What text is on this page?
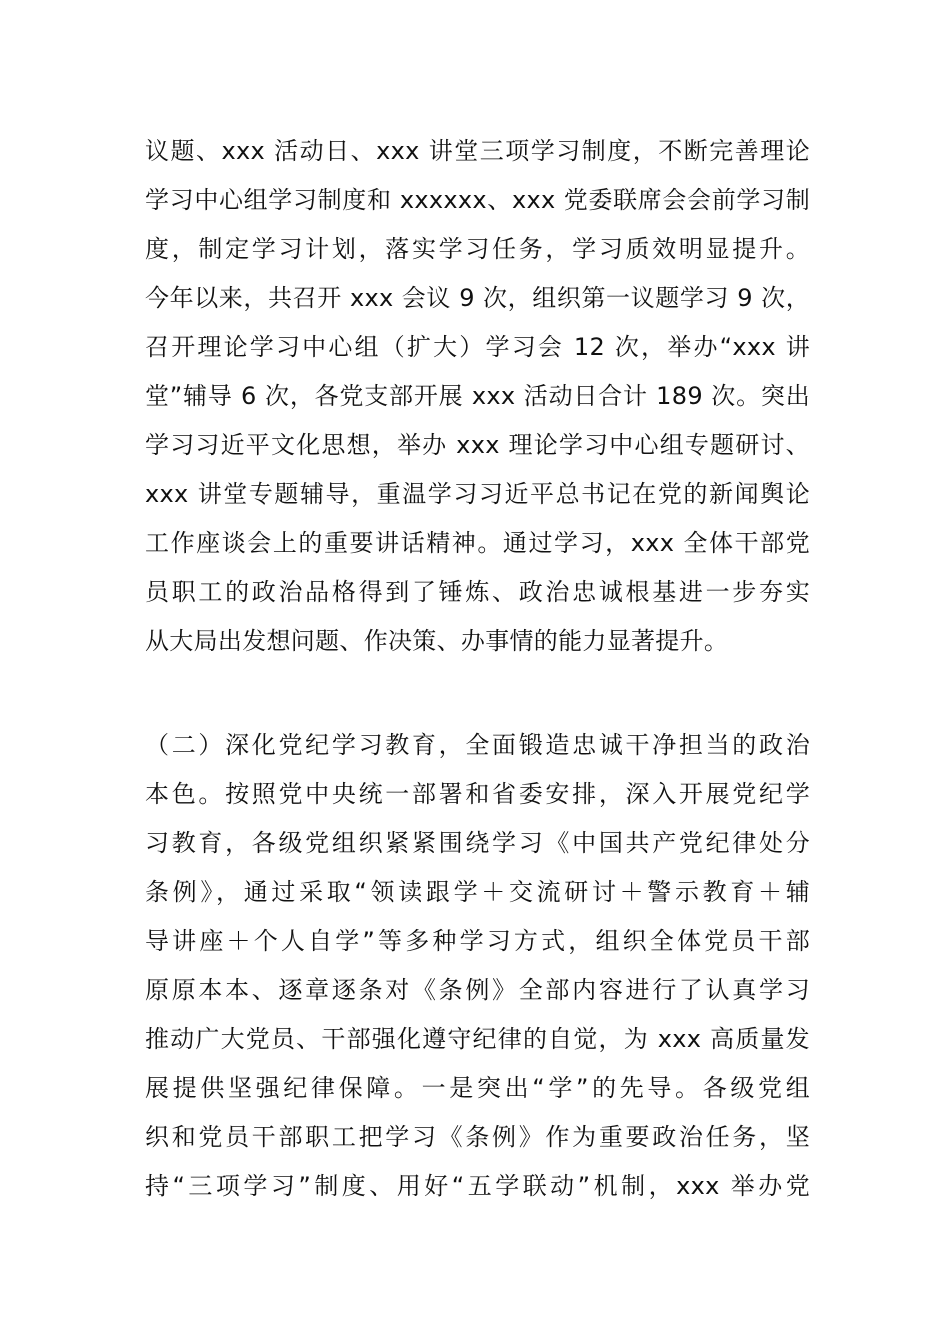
议题、xxx 活动日、xxx 讲堂三项学习制度，不断完善理论
学习中心组学习制度和 xxxxxx、xxx 党委联席会会前学习制
度，制定学习计划，落实学习任务，学习质效明显提升。
今年以来，共召开 xxx 会议 9 次，组织第一议题学习 9 次，
召开理论学习中心组（扩大）学习会 12 次，举办“xxx 讲
堂”辅导 6 次，各党支部开展 xxx 活动日合计 189 次。突出
学习习近平文化思想，举办 xxx 理论学习中心组专题研讨、
xxx 讲堂专题辅导，重温学习习近平总书记在党的新闻舆论
工作座谈会上的重要讲话精神。通过学习，xxx 全体干部党
员职工的政治品格得到了锤炼、政治忠诚根基进一步夯实
从大局出发想问题、作决策、办事情的能力显著提升。
（二）深化党纪学习教育，全面锻造忠诚干净担当的政治
本色。按照党中央统一部署和省委安排，深入开展党纪学
习教育，各级党组织紧紧围绕学习《中国共产党纪律处分
条例》，通过采取“领读跟学＋交流研讨＋警示教育＋辅
导讲座＋个人自学”等多种学习方式，组织全体党员干部
原原本本、逐章逐条对《条例》全部内容进行了认真学习
推动广大党员、干部强化遵守纪律的自觉，为 xxx 高质量发
展提供坚强纪律保障。一是突出“学”的先导。各级党组
织和党员干部职工把学习《条例》作为重要政治任务，坚
持“三项学习”制度、用好“五学联动”机制，xxx 举办党
